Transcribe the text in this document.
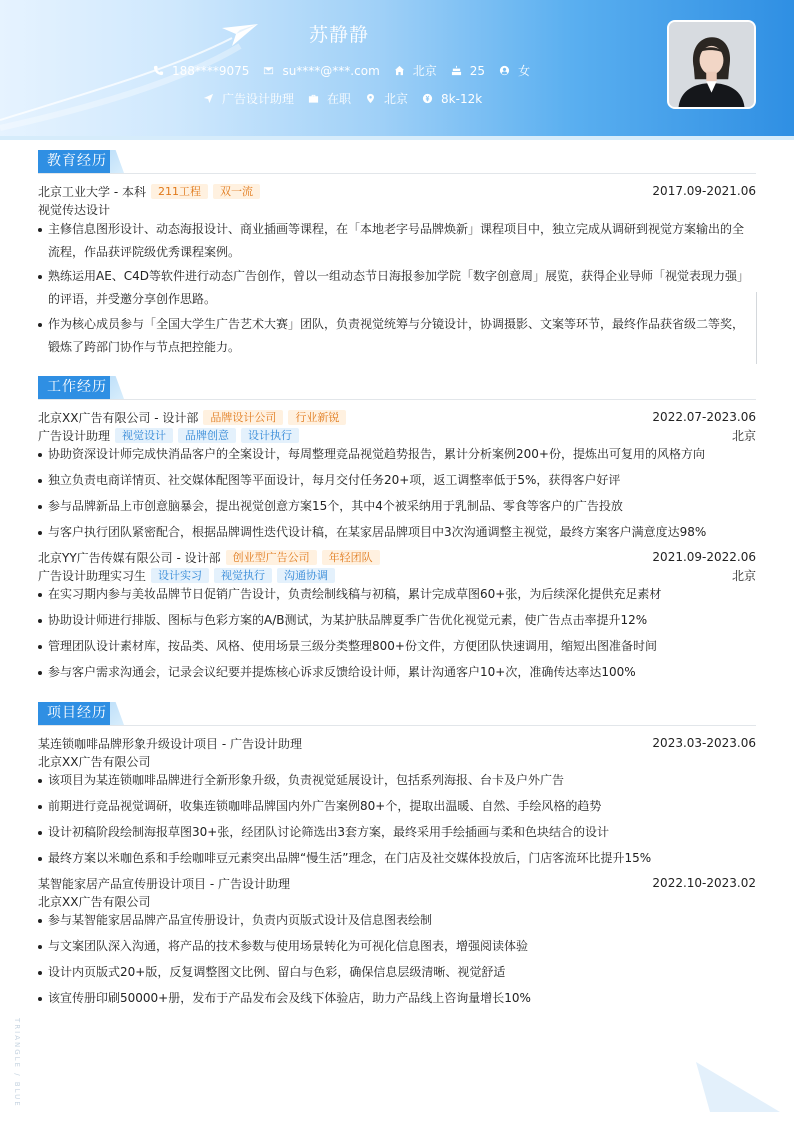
苏静静
188****9075	su****@***.com	北京	25	女
广告设计助理	在职	北京	8k-12k
教育经历
北京工业大学 - 本科	211工程	双一流	2017.09-2021.06
视觉传达设计
主修信息图形设计、动态海报设计、商业插画等课程，在「本地老字号品牌焕新」课程项目中，独立完成从调研到视觉方案输出的全流程，作品获评院级优秀课程案例。
熟练运用AE、C4D等软件进行动态广告创作，曾以一组动态节日海报参加学院「数字创意周」展览，获得企业导师「视觉表现力强」的评语，并受邀分享创作思路。
作为核心成员参与「全国大学生广告艺术大赛」团队，负责视觉统筹与分镜设计，协调摄影、文案等环节，最终作品获省级二等奖，锻炼了跨部门协作与节点把控能力。
工作经历
北京XX广告有限公司 - 设计部	品牌设计公司	行业新锐	2022.07-2023.06
广告设计助理	视觉设计	品牌创意	设计执行	北京
协助资深设计师完成快消品客户的全案设计，每周整理竞品视觉趋势报告，累计分析案例200+份，提炼出可复用的风格方向
独立负责电商详情页、社交媒体配图等平面设计，每月交付任务20+项，返工调整率低于5%，获得客户好评
参与品牌新品上市创意脑暴会，提出视觉创意方案15个，其中4个被采纳用于乳制品、零食等客户的广告投放
与客户执行团队紧密配合，根据品牌调性迭代设计稿，在某家居品牌项目中3次沟通调整主视觉，最终方案客户满意度达98%
北京YY广告传媒有限公司 - 设计部	创业型广告公司	年轻团队	2021.09-2022.06
广告设计助理实习生	设计实习	视觉执行	沟通协调	北京
在实习期内参与美妆品牌节日促销广告设计，负责绘制线稿与初稿，累计完成草图60+张，为后续深化提供充足素材
协助设计师进行排版、图标与色彩方案的A/B测试，为某护肤品牌夏季广告优化视觉元素，使广告点击率提升12%
管理团队设计素材库，按品类、风格、使用场景三级分类整理800+份文件，方便团队快速调用，缩短出图准备时间
参与客户需求沟通会，记录会议纪要并提炼核心诉求反馈给设计师，累计沟通客户10+次，准确传达率达100%
项目经历
某连锁咖啡品牌形象升级设计项目 - 广告设计助理	2023.03-2023.06
北京XX广告有限公司
该项目为某连锁咖啡品牌进行全新形象升级，负责视觉延展设计，包括系列海报、台卡及户外广告
前期进行竞品视觉调研，收集连锁咖啡品牌国内外广告案例80+个，提取出温暖、自然、手绘风格的趋势
设计初稿阶段绘制海报草图30+张，经团队讨论筛选出3套方案，最终采用手绘插画与柔和色块结合的设计
最终方案以米咖色系和手绘咖啡豆元素突出品牌“慢生活”理念，在门店及社交媒体投放后，门店客流环比提升15%
某智能家居产品宣传册设计项目 - 广告设计助理	2022.10-2023.02
北京XX广告有限公司
参与某智能家居品牌产品宣传册设计，负责内页版式设计及信息图表绘制
与文案团队深入沟通，将产品的技术参数与使用场景转化为可视化信息图表，增强阅读体验
设计内页版式20+版，反复调整图文比例、留白与色彩，确保信息层级清晰、视觉舒适
该宣传册印刷50000+册，发布于产品发布会及线下体验店，助力产品线上咨询量增长10%
TRIANGLE / BLUE
